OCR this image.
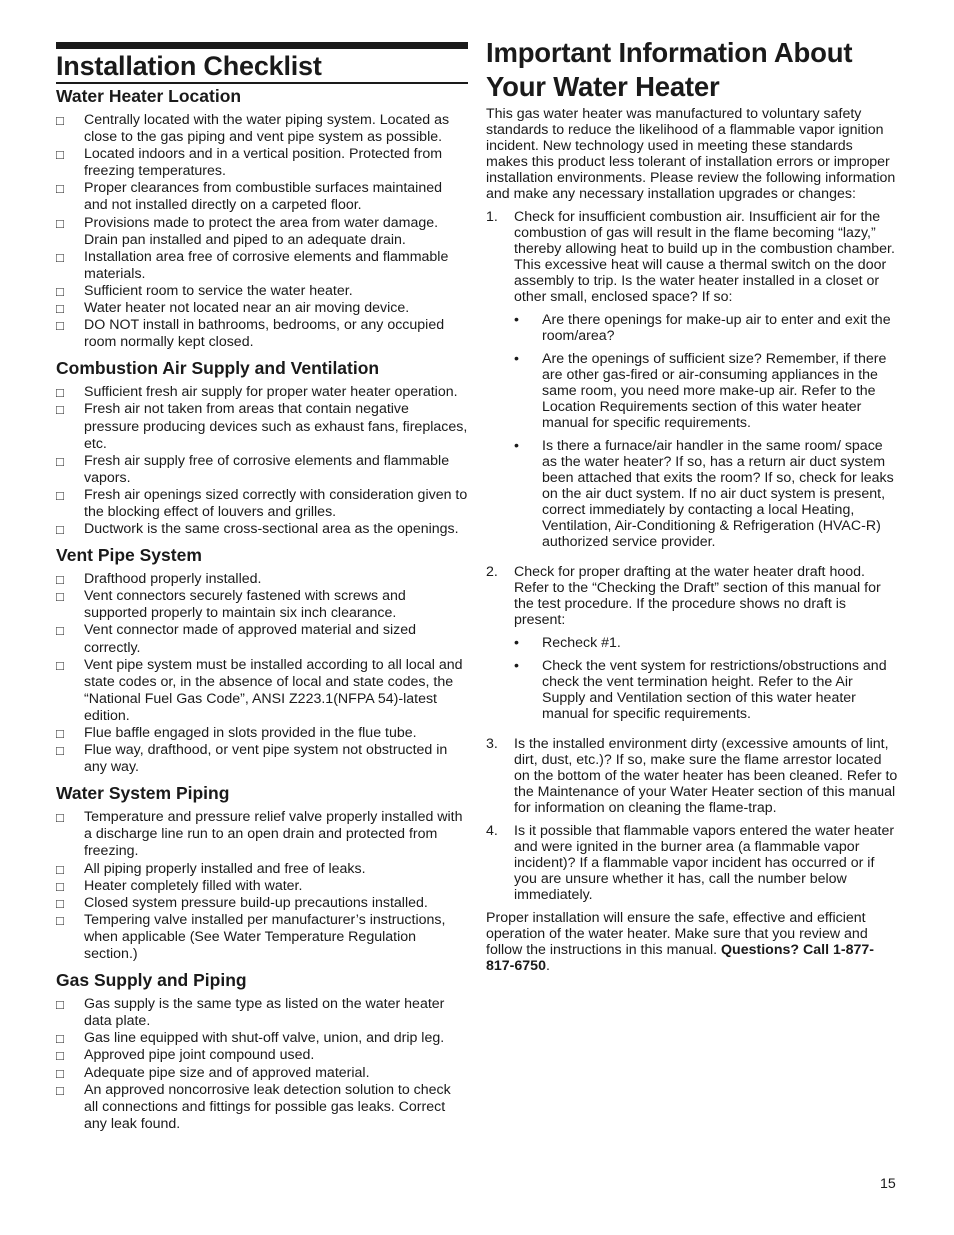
Installation Checklist
Water Heater Location
□	Centrally located with the water piping system. Located as close to the gas piping and vent pipe system as possible.
□	Located indoors and in a vertical position. Protected from freezing temperatures.
□	Proper clearances from combustible surfaces maintained and not installed directly on a carpeted floor.
□	Provisions made to protect the area from water damage. Drain pan installed and piped to an adequate drain.
□	Installation area free of corrosive elements and flammable materials.
□	Sufficient room to service the water heater.
□	Water heater not located near an air moving device.
□	DO NOT install in bathrooms, bedrooms, or any occupied room normally kept closed.
Combustion Air Supply and Ventilation
□	Sufficient fresh air supply for proper water heater operation.
□	Fresh air not taken from areas that contain negative pressure producing devices such as exhaust fans, fireplaces, etc.
□	Fresh air supply free of corrosive elements and flammable vapors.
□	Fresh air openings sized correctly with consideration given to the blocking effect of louvers and grilles.
□	Ductwork is the same cross-sectional area as the openings.
Vent Pipe System
□	Drafthood properly installed.
□	Vent connectors securely fastened with screws and supported properly to maintain six inch clearance.
□	Vent connector made of approved material and sized correctly.
□	Vent pipe system must be installed according to all local and state codes or, in the absence of local and state codes, the “National Fuel Gas Code”, ANSI Z223.1(NFPA 54)-latest edition.
□	Flue baffle engaged in slots provided in the flue tube.
□	Flue way, drafthood, or vent pipe system not obstructed in any way.
Water System Piping
□	Temperature and pressure relief valve properly installed with a discharge line run to an open drain and protected from freezing.
□	All piping properly installed and free of leaks.
□	Heater completely filled with water.
□	Closed system pressure build-up precautions installed.
□	Tempering valve installed per manufacturer’s instructions, when applicable (See Water Temperature Regulation section.)
Gas Supply and Piping
□	Gas supply is the same type as listed on the water heater data plate.
□	Gas line equipped with shut-off valve, union, and drip leg.
□	Approved pipe joint compound used.
□	Adequate pipe size and of approved material.
□	An approved noncorrosive leak detection solution to check all connections and fittings for possible gas leaks. Correct any leak found.
Important Information About
Your Water Heater

This gas water heater was manufactured to voluntary safety standards to reduce the likelihood of a flammable vapor ignition incident. New technology used in meeting these standards makes this product less tolerant of installation errors or improper installation environments. Please review the following information and make any necessary installation upgrades or changes:

1.	Check for insufficient combustion air. Insufficient air for the combustion of gas will result in the flame becoming “lazy,” thereby allowing heat to build up in the combustion chamber. This excessive heat will cause a thermal switch on the door assembly to trip. Is the water heater installed in a closet or other small, enclosed space? If so:

•	Are there openings for make-up air to enter and exit the room/area?
•	Are the openings of sufficient size? Remember, if there are other gas-fired or air-consuming appliances in the same room, you need more make-up air. Refer to the Location Requirements section of this water heater manual for specific requirements.
•	Is there a furnace/air handler in the same room/ space as the water heater? If so, has a return air duct system been attached that exits the room? If so, check for leaks on the air duct system. If no air duct system is present, correct immediately by contacting a local Heating, Ventilation, Air-Conditioning & Refrigeration (HVAC-R) authorized service provider.
2.	Check for proper drafting at the water heater draft hood. Refer to the “Checking the Draft” section of this manual for the test procedure. If the procedure shows no draft is present:

•	Recheck #1.
•	Check the vent system for restrictions/obstructions and check the vent termination height. Refer to the Air Supply and Ventilation section of this water heater manual for specific requirements.
3.	Is the installed environment dirty (excessive amounts of lint, dirt, dust, etc.)? If so, make sure the flame arrestor located on the bottom of the water heater has been cleaned. Refer to the Maintenance of your Water Heater section of this manual for information on cleaning the flame-trap.

4.	Is it possible that flammable vapors entered the water heater and were ignited in the burner area (a flammable vapor incident)? If a flammable vapor incident has occurred or if you are unsure whether it has, call the number below immediately.

Proper installation will ensure the safe, effective and efficient operation of the water heater. Make sure that you review and follow the instructions in this manual. Questions? Call 1-877-817-6750.

15
